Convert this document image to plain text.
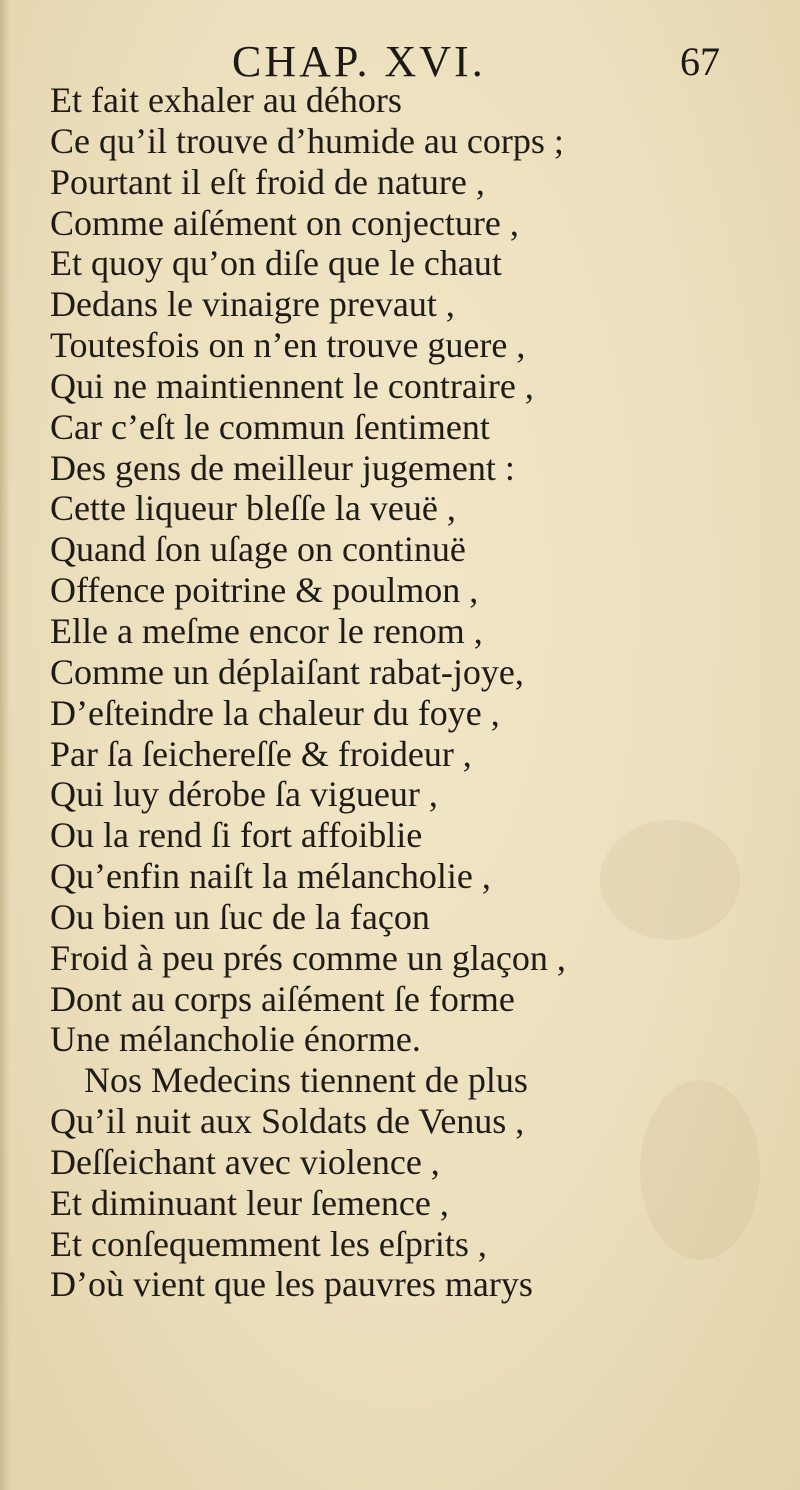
CHAP. XVI.	67
Et fait exhaler au déhors
Ce qu’il trouve d’humide au corps ;
Pourtant il eſt froid de nature ,
Comme aiſément on conjecture ,
Et quoy qu’on diſe que le chaut
Dedans le vinaigre prevaut ,
Toutesfois on n’en trouve guere ,
Qui ne maintiennent le contraire ,
Car c’eſt le commun ſentiment
Des gens de meilleur jugement :
Cette liqueur bleſſe la veuë ,
Quand ſon uſage on continuë
Offence poitrine & poulmon ,
Elle a meſme encor le renom ,
Comme un déplaiſant rabat-joye,
D’eſteindre la chaleur du foye ,
Par ſa ſeichereſſe & froideur ,
Qui luy dérobe ſa vigueur ,
Ou la rend ſi fort affoiblie
Qu’enfin naiſt la mélancholie ,
Ou bien un ſuc de la façon
Froid à peu prés comme un glaçon ,
Dont au corps aiſément ſe forme
Une mélancholie énorme.
Nos Medecins tiennent de plus
Qu’il nuit aux Soldats de Venus ,
Deſſeichant avec violence ,
Et diminuant leur ſemence ,
Et conſequemment les eſprits ,
D’où vient que les pauvres marys
